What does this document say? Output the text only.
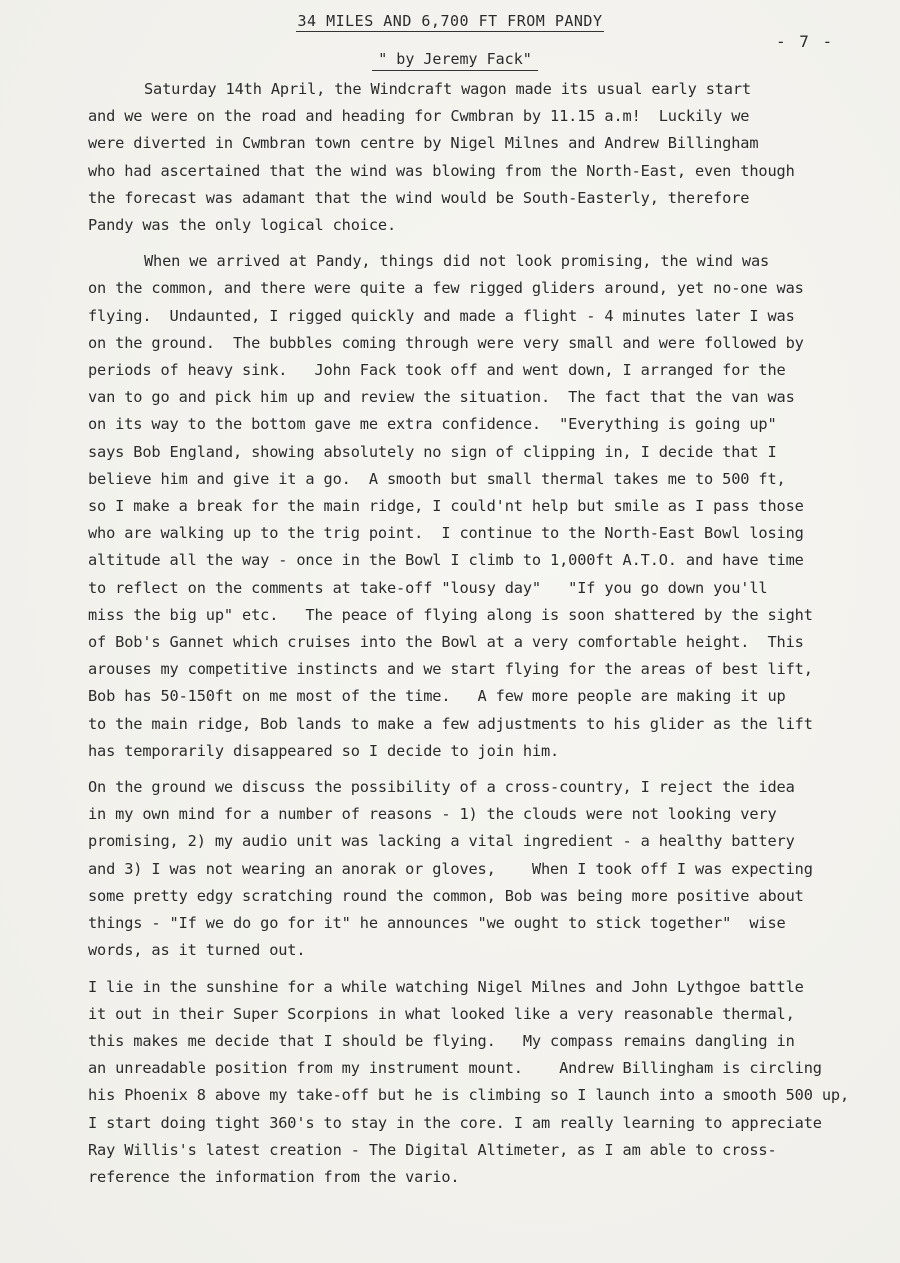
34 MILES AND 6,700 FT FROM PANDY
- 7 -
" by Jeremy Fack"
Saturday 14th April, the Windcraft wagon made its usual early start
and we were on the road and heading for Cwmbran by 11.15 a.m!  Luckily we
were diverted in Cwmbran town centre by Nigel Milnes and Andrew Billingham
who had ascertained that the wind was blowing from the North-East, even though
the forecast was adamant that the wind would be South-Easterly, therefore
Pandy was the only logical choice.
When we arrived at Pandy, things did not look promising, the wind was
on the common, and there were quite a few rigged gliders around, yet no-one was
flying.  Undaunted, I rigged quickly and made a flight - 4 minutes later I was
on the ground.  The bubbles coming through were very small and were followed by
periods of heavy sink.   John Fack took off and went down, I arranged for the
van to go and pick him up and review the situation.  The fact that the van was
on its way to the bottom gave me extra confidence.  "Everything is going up"
says Bob England, showing absolutely no sign of clipping in, I decide that I
believe him and give it a go.  A smooth but small thermal takes me to 500 ft,
so I make a break for the main ridge, I could'nt help but smile as I pass those
who are walking up to the trig point.  I continue to the North-East Bowl losing
altitude all the way - once in the Bowl I climb to 1,000ft A.T.O. and have time
to reflect on the comments at take-off "lousy day"   "If you go down you'll
miss the big up" etc.   The peace of flying along is soon shattered by the sight
of Bob's Gannet which cruises into the Bowl at a very comfortable height.  This
arouses my competitive instincts and we start flying for the areas of best lift,
Bob has 50-150ft on me most of the time.   A few more people are making it up
to the main ridge, Bob lands to make a few adjustments to his glider as the lift
has temporarily disappeared so I decide to join him.
On the ground we discuss the possibility of a cross-country, I reject the idea
in my own mind for a number of reasons - 1) the clouds were not looking very
promising, 2) my audio unit was lacking a vital ingredient - a healthy battery
and 3) I was not wearing an anorak or gloves,    When I took off I was expecting
some pretty edgy scratching round the common, Bob was being more positive about
things - "If we do go for it" he announces "we ought to stick together"  wise
words, as it turned out.
I lie in the sunshine for a while watching Nigel Milnes and John Lythgoe battle
it out in their Super Scorpions in what looked like a very reasonable thermal,
this makes me decide that I should be flying.   My compass remains dangling in
an unreadable position from my instrument mount.    Andrew Billingham is circling
his Phoenix 8 above my take-off but he is climbing so I launch into a smooth 500 up,
I start doing tight 360's to stay in the core. I am really learning to appreciate
Ray Willis's latest creation - The Digital Altimeter, as I am able to cross-
reference the information from the vario.
